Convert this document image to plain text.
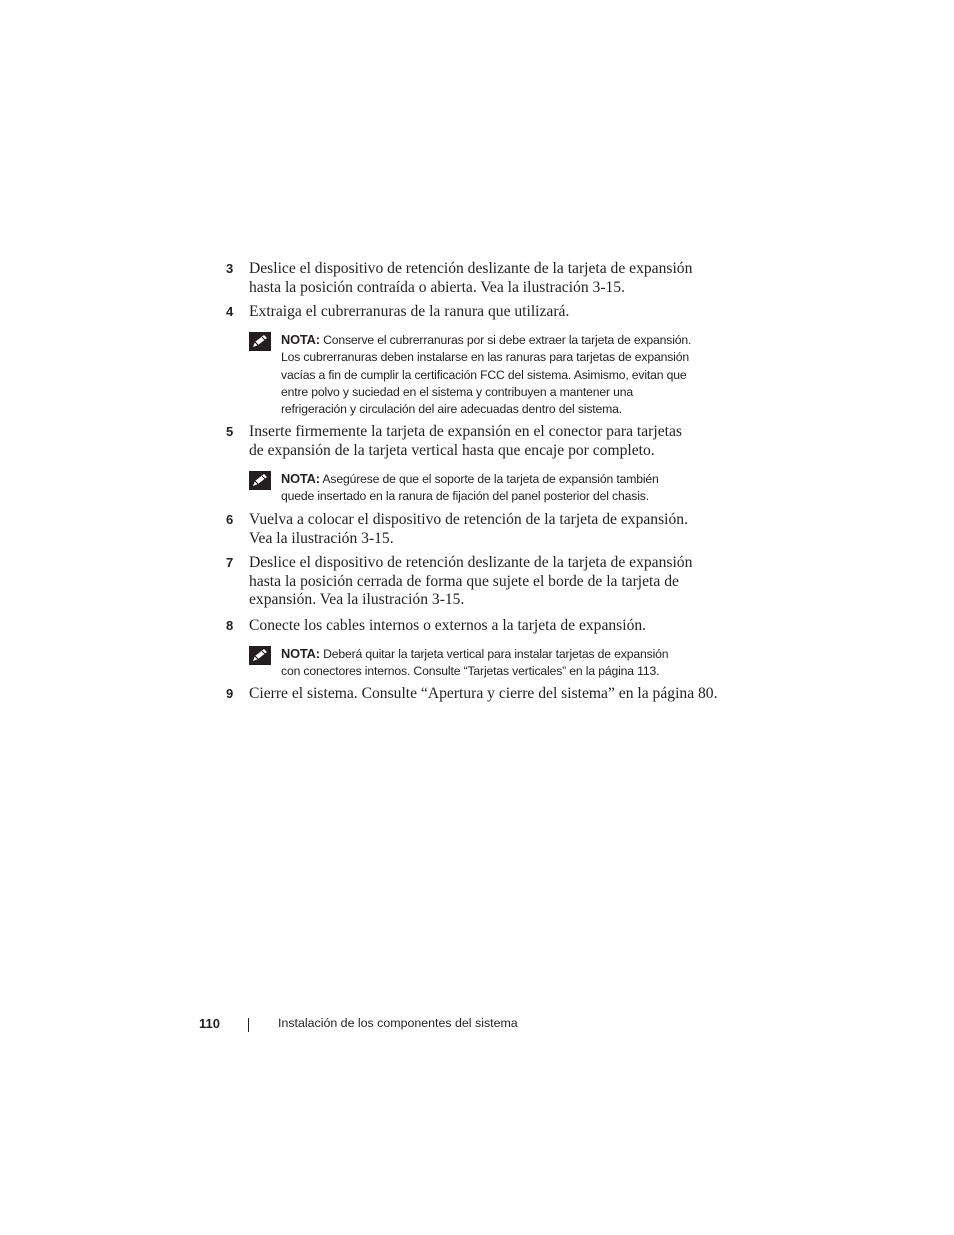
3 Deslice el dispositivo de retención deslizante de la tarjeta de expansión
hasta la posición contraída o abierta. Vea la ilustración 3-15.
4 Extraiga el cubrerranuras de la ranura que utilizará.
NOTA: Conserve el cubrerranuras por si debe extraer la tarjeta de expansión.
Los cubrerranuras deben instalarse en las ranuras para tarjetas de expansión
vacías a fin de cumplir la certificación FCC del sistema. Asimismo, evitan que
entre polvo y suciedad en el sistema y contribuyen a mantener una
refrigeración y circulación del aire adecuadas dentro del sistema.
5 Inserte firmemente la tarjeta de expansión en el conector para tarjetas
de expansión de la tarjeta vertical hasta que encaje por completo.
NOTA: Asegúrese de que el soporte de la tarjeta de expansión también
quede insertado en la ranura de fijación del panel posterior del chasis.
6 Vuelva a colocar el dispositivo de retención de la tarjeta de expansión.
Vea la ilustración 3-15.
7 Deslice el dispositivo de retención deslizante de la tarjeta de expansión
hasta la posición cerrada de forma que sujete el borde de la tarjeta de
expansión. Vea la ilustración 3-15.
8 Conecte los cables internos o externos a la tarjeta de expansión.
NOTA: Deberá quitar la tarjeta vertical para instalar tarjetas de expansión
con conectores internos. Consulte “Tarjetas verticales” en la página 113.
9 Cierre el sistema. Consulte “Apertura y cierre del sistema” en la página 80.
110	Instalación de los componentes del sistema
